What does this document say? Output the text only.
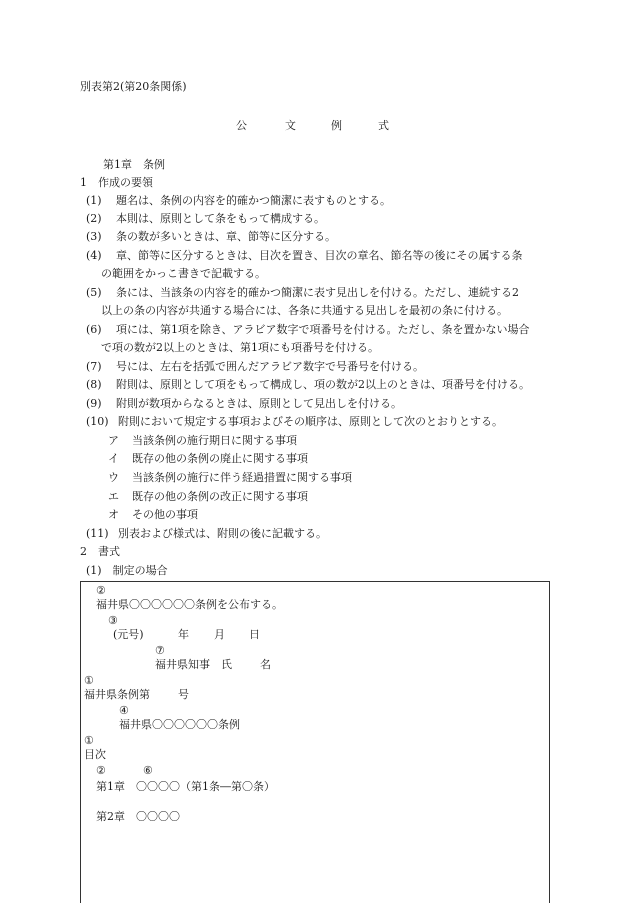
別表第2(第20条関係)
公	文	例	式
第1章　条例
1　作成の要領
(1) 題名は、条例の内容を的確かつ簡潔に表すものとする。
(2) 本則は、原則として条をもって構成する。
(3) 条の数が多いときは、章、節等に区分する。
(4) 章、節等に区分するときは、目次を置き、目次の章名、節名等の後にその属する条
の範囲をかっこ書きで記載する。
(5) 条には、当該条の内容を的確かつ簡潔に表す見出しを付ける。ただし、連続する2
以上の条の内容が共通する場合には、各条に共通する見出しを最初の条に付ける。
(6) 項には、第1項を除き、アラビア数字で項番号を付ける。ただし、条を置かない場合
で項の数が2以上のときは、第1項にも項番号を付ける。
(7) 号には、左右を括弧で囲んだアラビア数字で号番号を付ける。
(8) 附則は、原則として項をもって構成し、項の数が2以上のときは、項番号を付ける。
(9) 附則が数項からなるときは、原則として見出しを付ける。
(10) 附則において規定する事項およびその順序は、原則として次のとおりとする。
ア 当該条例の施行期日に関する事項
イ 既存の他の条例の廃止に関する事項
ウ 当該条例の施行に伴う経過措置に関する事項
エ 既存の他の条例の改正に関する事項
オ その他の事項
(11) 別表および様式は、附則の後に記載する。
2　書式
(1)　制定の場合
②
福井県〇〇〇〇〇〇条例を公布する。
③
(元号)	年 月 日
⑦
福井県知事　氏	名
①
福井県条例第	号
④
福井県〇〇〇〇〇〇条例
①
目次
②	⑥
第1章　〇〇〇〇（第1条―第〇条）
第2章　〇〇〇〇
